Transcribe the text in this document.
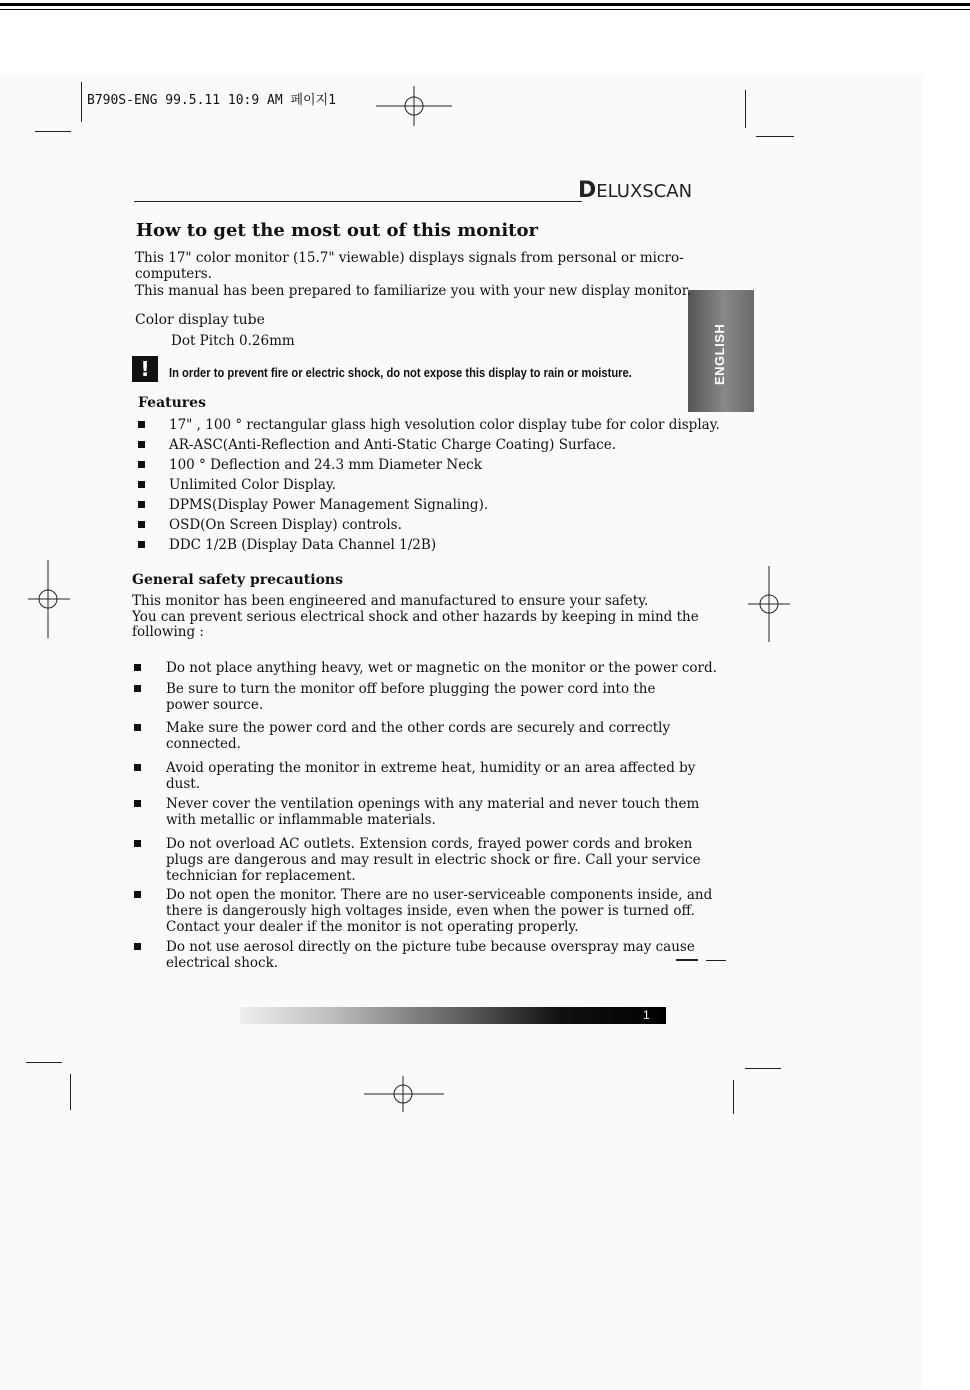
B790S-ENG 99.5.11 10:9 AM 페이지1
DELUXSCAN
ENGLISH
How to get the most out of this monitor
This 17" color monitor (15.7" viewable) displays signals from personal or micro-
computers.
This manual has been prepared to familiarize you with your new display monitor.
Color display tube
Dot Pitch 0.26mm
!	In order to prevent fire or electric shock, do not expose this display to rain or moisture.
Features
17" , 100 ° rectangular glass high vesolution color display tube for color display.
AR-ASC(Anti-Reflection and Anti-Static Charge Coating) Surface.
100 ° Deflection and 24.3 mm Diameter Neck
Unlimited Color Display.
DPMS(Display Power Management Signaling).
OSD(On Screen Display) controls.
DDC 1/2B (Display Data Channel 1/2B)
General safety precautions
This monitor has been engineered and manufactured to ensure your safety.
You can prevent serious electrical shock and other hazards by keeping in mind the
following :
Do not place anything heavy, wet or magnetic on the monitor or the power cord.
Be sure to turn the monitor off before plugging the power cord into the
power source.
Make sure the power cord and the other cords are securely and correctly
connected.
Avoid operating the monitor in extreme heat, humidity or an area affected by
dust.
Never cover the ventilation openings with any material and never touch them
with metallic or inflammable materials.
Do not overload AC outlets. Extension cords, frayed power cords and broken
plugs are dangerous and may result in electric shock or fire. Call your service
technician for replacement.
Do not open the monitor. There are no user-serviceable components inside, and
there is dangerously high voltages inside, even when the power is turned off.
Contact your dealer if the monitor is not operating properly.
Do not use aerosol directly on the picture tube because overspray may cause
electrical shock.
1
